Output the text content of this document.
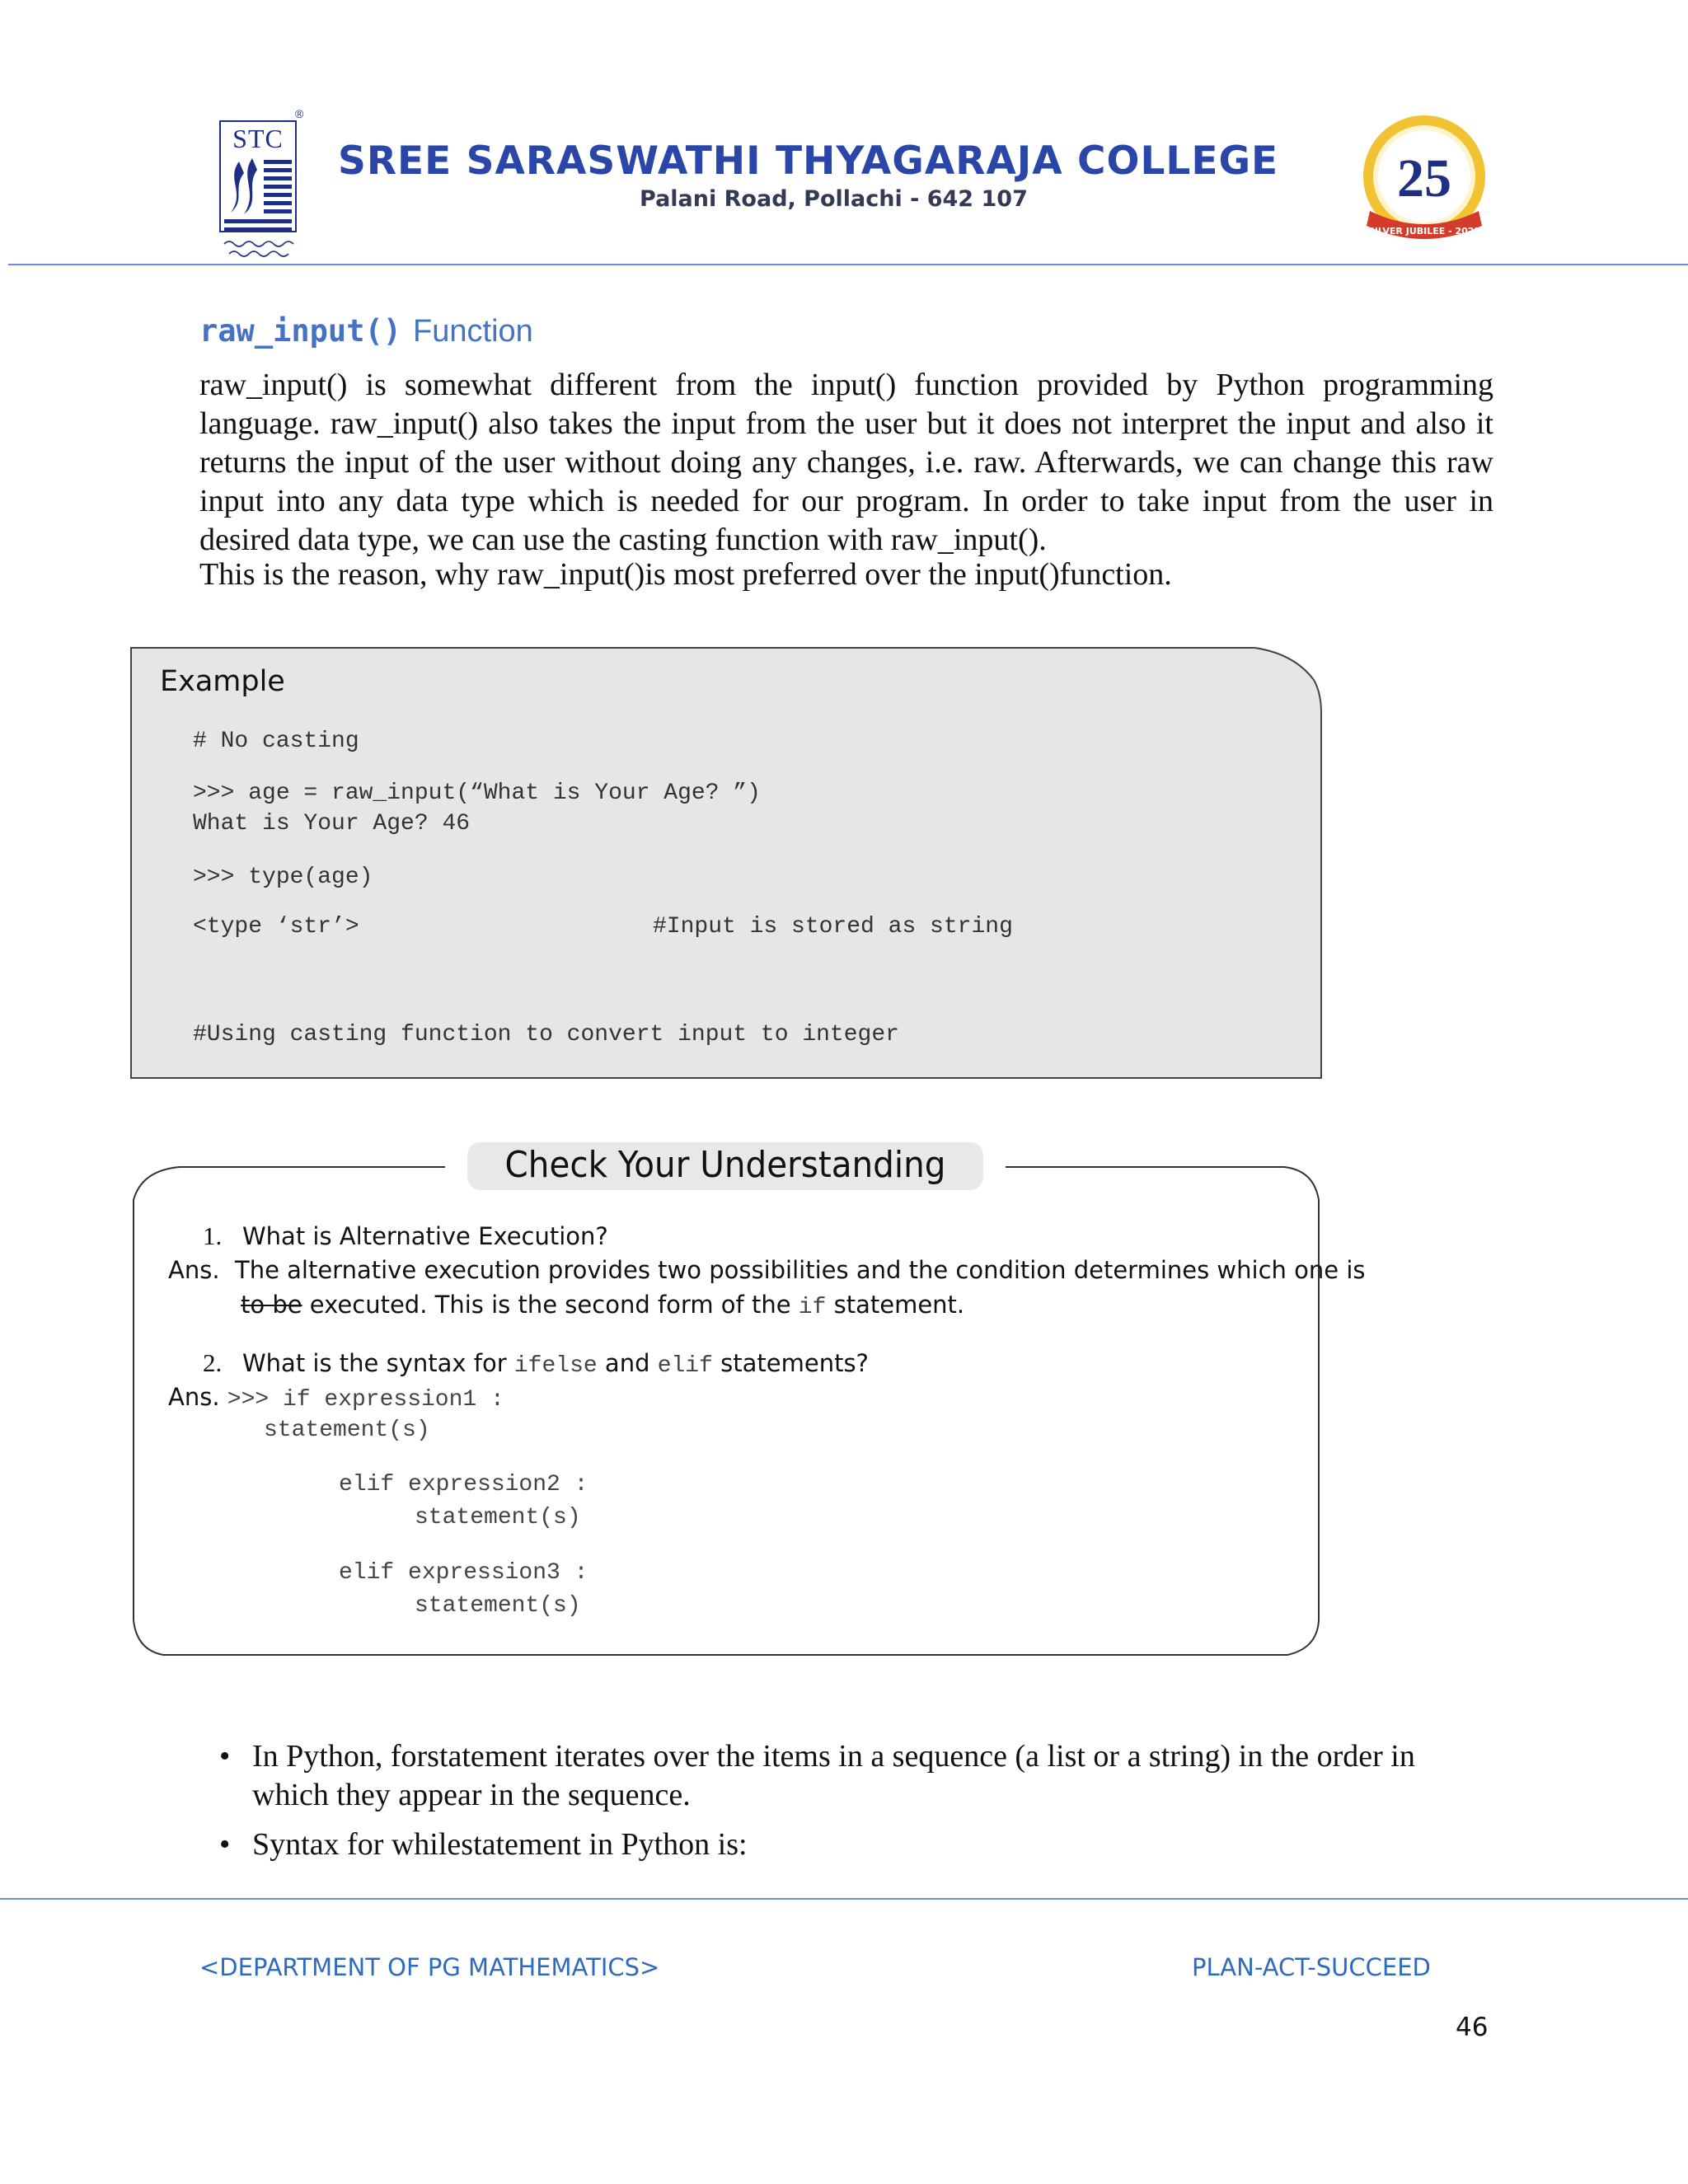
®
STC	SREE SARASWATHI THYAGARAJA COLLEGE
Palani Road, Pollachi - 642 107	25
SILVER JUBILEE - 2022
raw_input() Function

raw_input() is somewhat different from the input() function provided by Python programming language. raw_input() also takes the input from the user but it does not interpret the input and also it returns the input of the user without doing any changes, i.e. raw. Afterwards, we can change this raw input into any data type which is needed for our program. In order to take input from the user in desired data type, we can use the casting function with raw_input().

This is the reason, why raw_input()is most preferred over the input()function.

Example
# No casting
>>> age = raw_input(“What is Your Age? ”)
What is Your Age? 46
>>> type(age)
<type ‘str’>	#Input is stored as string
#Using casting function to convert input to integer
Check Your Understanding
1. What is Alternative Execution?
Ans. The alternative execution provides two possibilities and the condition determines which one is
to be executed. This is the second form of the if statement.
2. What is the syntax for ifelse and elif statements?
Ans. >>> if expression1 :
statement(s)
elif expression2 :
statement(s)
elif expression3 :
statement(s)
• In Python, forstatement iterates over the items in a sequence (a list or a string) in the order in which they appear in the sequence.
• Syntax for whilestatement in Python is:
<DEPARTMENT OF PG MATHEMATICS>	PLAN-ACT-SUCCEED
46
